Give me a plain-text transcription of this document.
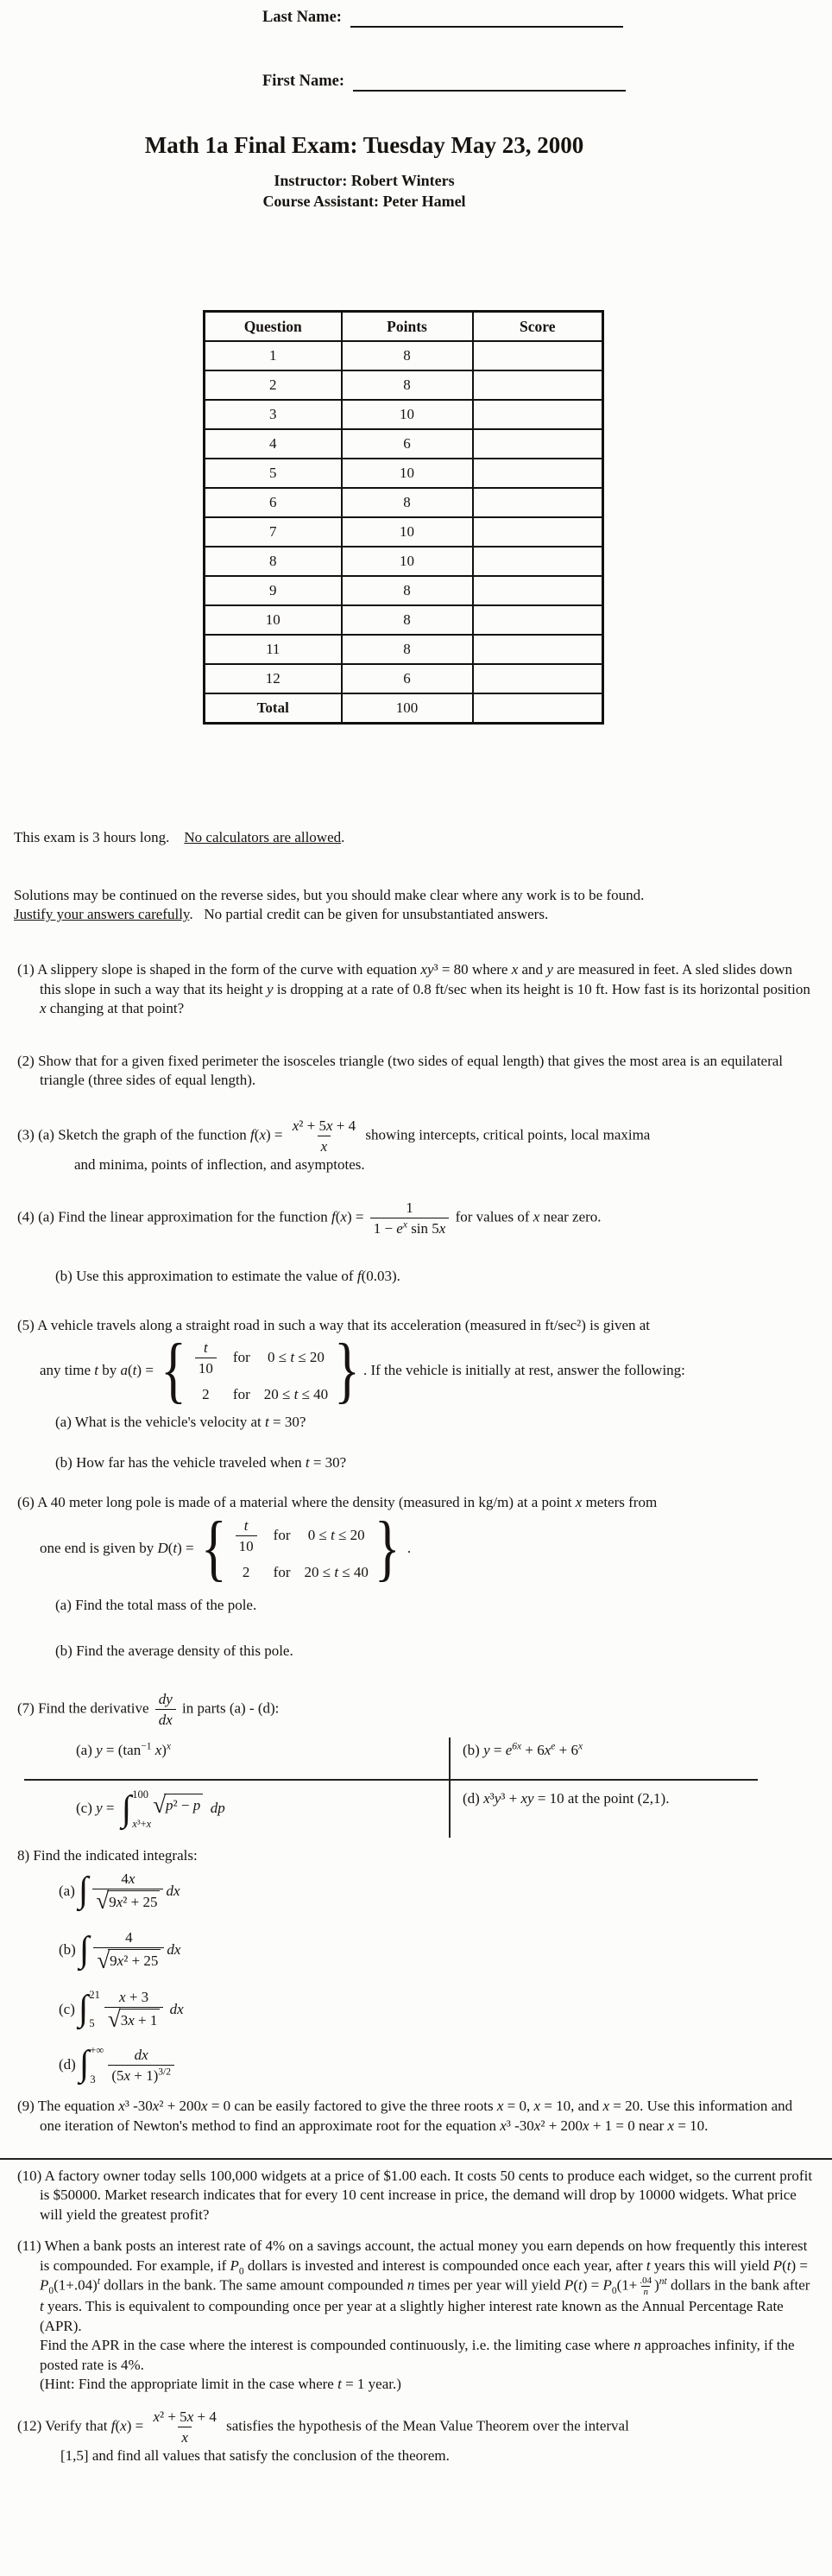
Last Name:
First Name:
Math 1a Final Exam: Tuesday May 23, 2000
Instructor: Robert Winters
Course Assistant: Peter Hamel
Question	Points	Score
1	8	
2	8	
3	10	
4	6	
5	10	
6	8	
7	10	
8	10	
9	8	
10	8	
11	8	
12	6	
Total	100	
This exam is 3 hours long.    No calculators are allowed.
Solutions may be continued on the reverse sides, but you should make clear where any work is to be found.
Justify your answers carefully.   No partial credit can be given for unsubstantiated answers.
(1) A slippery slope is shaped in the form of the curve with equation xy³ = 80 where x and y are measured in feet. A sled slides down this slope in such a way that its height y is dropping at a rate of 0.8 ft/sec when its height is 10 ft. How fast is its horizontal position x changing at that point?
(2) Show that for a given fixed perimeter the isosceles triangle (two sides of equal length) that gives the most area is an equilateral triangle (three sides of equal length).
(3) (a) Sketch the graph of the function $f(x) = \frac{\text{x² + 5x + 4}}{x}$ showing intercepts, critical points, local maxima
and minima, points of inflection, and asymptotes.
(4) (a) Find the linear approximation for the function $f(x) = \frac{1}{1 - e^x \sin 5x}$ for values of x near zero.
(b) Use this approximation to estimate the value of f(0.03).
(5) A vehicle travels along a straight road in such a way that its acceleration (measured in ft/sec²) is given at
any time t by a(t) = { $\frac{t}{10}$ for 0 ≤ t ≤ 20
2 for 20 ≤ t ≤ 40 } . If the vehicle is initially at rest, answer the following:
(a) What is the vehicle's velocity at t = 30?
(b) How far has the vehicle traveled when t = 30?
(6) A 40 meter long pole is made of a material where the density (measured in kg/m) at a point x meters from
one end is given by D(t) = { $\frac{t}{10}$ for 0 ≤ t ≤ 20
2 for 20 ≤ t ≤ 40 } .
(a) Find the total mass of the pole.
(b) Find the average density of this pole.
(7) Find the derivative $\frac{dy}{dx}$ in parts (a) - (d):
(a) $y = (\tan^{-1}$ x)$^x$	(b) $y = e^{6x} + 6x^e + 6^x$
(c) y = ∫ 100
x³+x
√ p² − p dp
(d) x³y³ + xy = 10 at the point (2,1).
8) Find the indicated integrals:
(a) ∫ $\frac{4x}{\text{√ 9x² + 25}}$ dx
(b) ∫ $\frac{4}{\text{√ 9x² + 25}}$ dx
(c) ∫ 21
$5 \frac{x + 3}{√ 3x + 1}$
dx
(d) ∫ +∞
$3 \frac{dx}{(5x + 1)^{3/2}}$
(9) The equation x³ -30x² + 200x = 0 can be easily factored to give the three roots x = 0, x = 10, and x = 20. Use this information and one iteration of Newton's method to find an approximate root for the equation x³ -30x² + 200x + 1 = 0 near x = 10.
(10) A factory owner today sells 100,000 widgets at a price of $1.00 each. It costs 50 cents to produce each widget, so the current profit is $50000. Market research indicates that for every 10 cent increase in price, the demand will drop by 10000 widgets. What price will yield the greatest profit?
(11) When a bank posts an interest rate of 4% on a savings account, the actual money you earn depends on how frequently this interest is compounded. For example, if $P_0$ dollars is invested and interest is compounded once each year, after t years this will yield $P(t) = P_0(1+.04)^t$ dollars in the bank. The same amount compounded n times per year will yield $P(t) = P_0(1+ \frac{.04}{n} )^{nt}$ dollars in the bank after t years. This is equivalent to compounding once per year at a slightly higher interest rate known as the Annual Percentage Rate (APR).
Find the APR in the case where the interest is compounded continuously, i.e. the limiting case where n approaches infinity, if the posted rate is 4%.
(Hint: Find the appropriate limit in the case where t = 1 year.)
(12) Verify that $f(x) = \frac{\text{x² + 5x + 4}}{x}$ satisfies the hypothesis of the Mean Value Theorem over the interval
[1,5] and find all values that satisfy the conclusion of the theorem.
